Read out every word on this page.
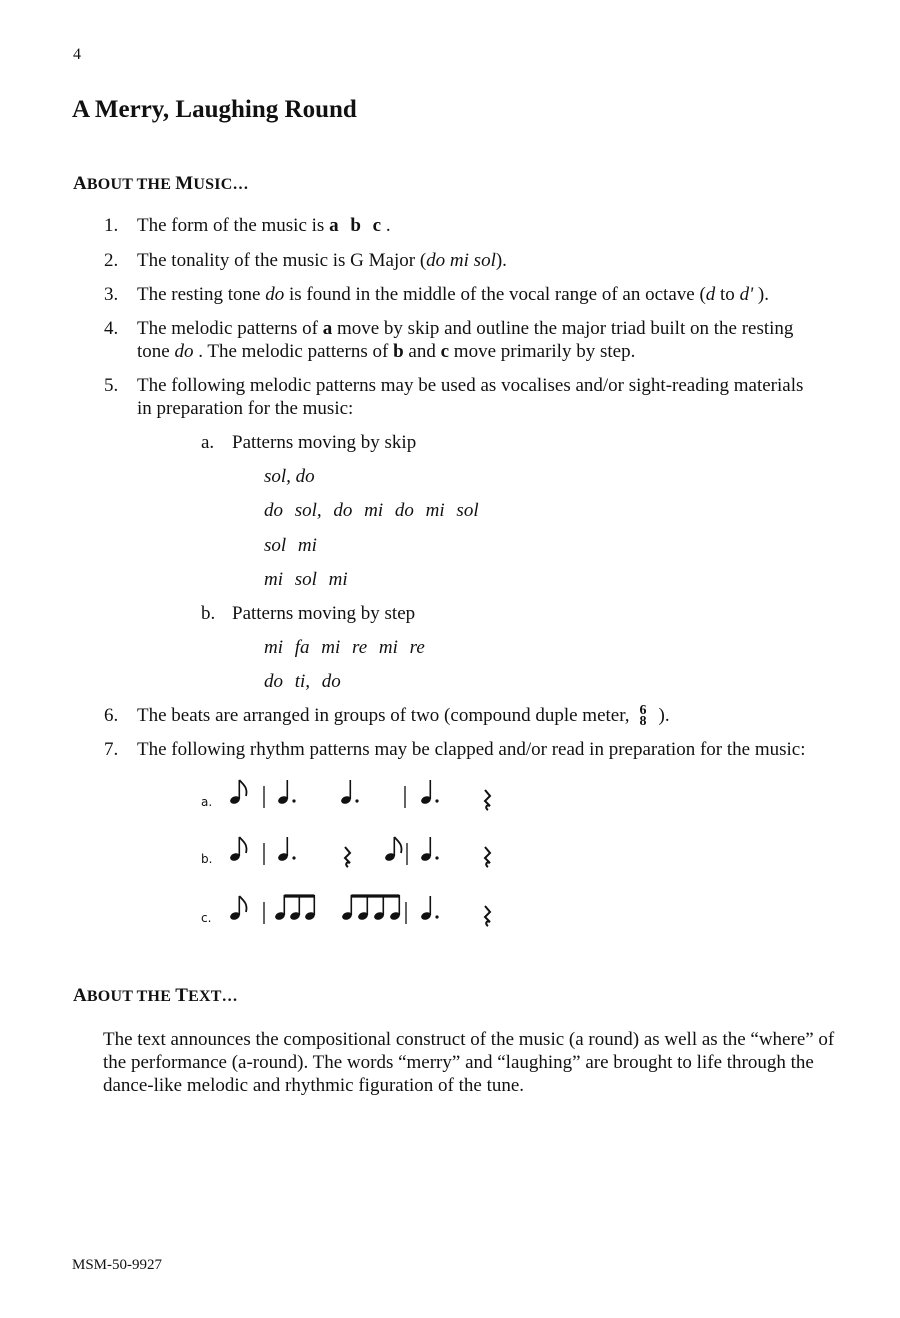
4
A Merry, Laughing Round
ABOUT THE MUSIC…
1. The form of the music is a b c .
2. The tonality of the music is G Major (do mi sol).
3. The resting tone do is found in the middle of the vocal range of an octave (d to d' ).
4. The melodic patterns of a move by skip and outline the major triad built on the resting
tone do . The melodic patterns of b and c move primarily by step.
5. The following melodic patterns may be used as vocalises and/or sight-reading materials
in preparation for the music:
a. Patterns moving by skip
sol, do
do sol, do mi do mi sol
sol mi
mi sol mi
b. Patterns moving by step
mi fa mi re mi re
do ti, do
6. The beats are arranged in groups of two (compound duple meter, 6
8 ).
7. The following rhythm patterns may be clapped and/or read in preparation for the music:
a.
b.
c.
ABOUT THE TEXT…
The text announces the compositional construct of the music (a round) as well as the “where” of the performance (a-round). The words “merry” and “laughing” are brought to life through the dance-like melodic and rhythmic figuration of the tune.
MSM-50-9927
